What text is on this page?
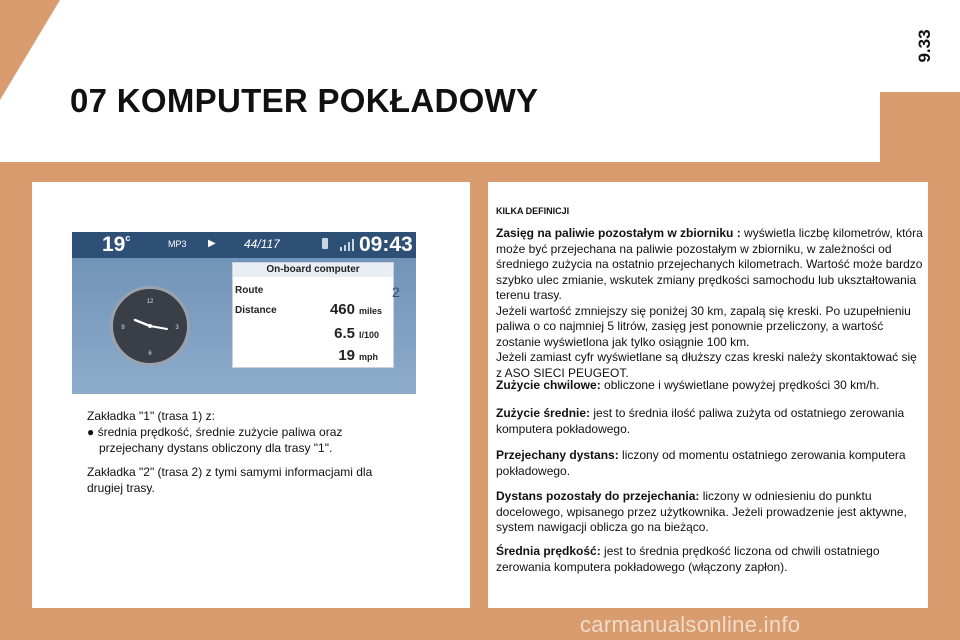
07 KOMPUTER POKŁADOWY
9.33
19$^c$
MP3 ▶ 44/117	09:43
12
3
6
9
On-board computer
Route
Distance	460 miles
6.5 l/100
19 mph
2
Zakładka "1" (trasa 1) z:
● średnia prędkość, średnie zużycie paliwa oraz przejechany dystans obliczony dla trasy "1".
Zakładka "2" (trasa 2) z tymi samymi informacjami dla drugiej trasy.
KILKA DEFINICJI
Zasięg na paliwie pozostałym w zbiorniku : wyświetla liczbę kilometrów, która może być przejechana na paliwie pozostałym w zbiorniku, w zależności od średniego zużycia na ostatnio przejechanych kilometrach. Wartość może bardzo szybko ulec zmianie, wskutek zmiany prędkości samochodu lub ukształtowania terenu trasy.
Jeżeli wartość zmniejszy się poniżej 30 km, zapalą się kreski. Po uzupełnieniu paliwa o co najmniej 5 litrów, zasięg jest ponownie przeliczony, a wartość zostanie wyświetlona jak tylko osiągnie 100 km.
Jeżeli zamiast cyfr wyświetlane są dłuższy czas kreski należy skontaktować się z ASO SIECI PEUGEOT.
Zużycie chwilowe: obliczone i wyświetlane powyżej prędkości 30 km/h.
Zużycie średnie: jest to średnia ilość paliwa zużyta od ostatniego zerowania komputera pokładowego.
Przejechany dystans: liczony od momentu ostatniego zerowania komputera pokładowego.
Dystans pozostały do przejechania: liczony w odniesieniu do punktu docelowego, wpisanego przez użytkownika. Jeżeli prowadzenie jest aktywne, system nawigacji oblicza go na bieżąco.
Średnia prędkość: jest to średnia prędkość liczona od chwili ostatniego zerowania komputera pokładowego (włączony zapłon).
carmanualsonline.info
